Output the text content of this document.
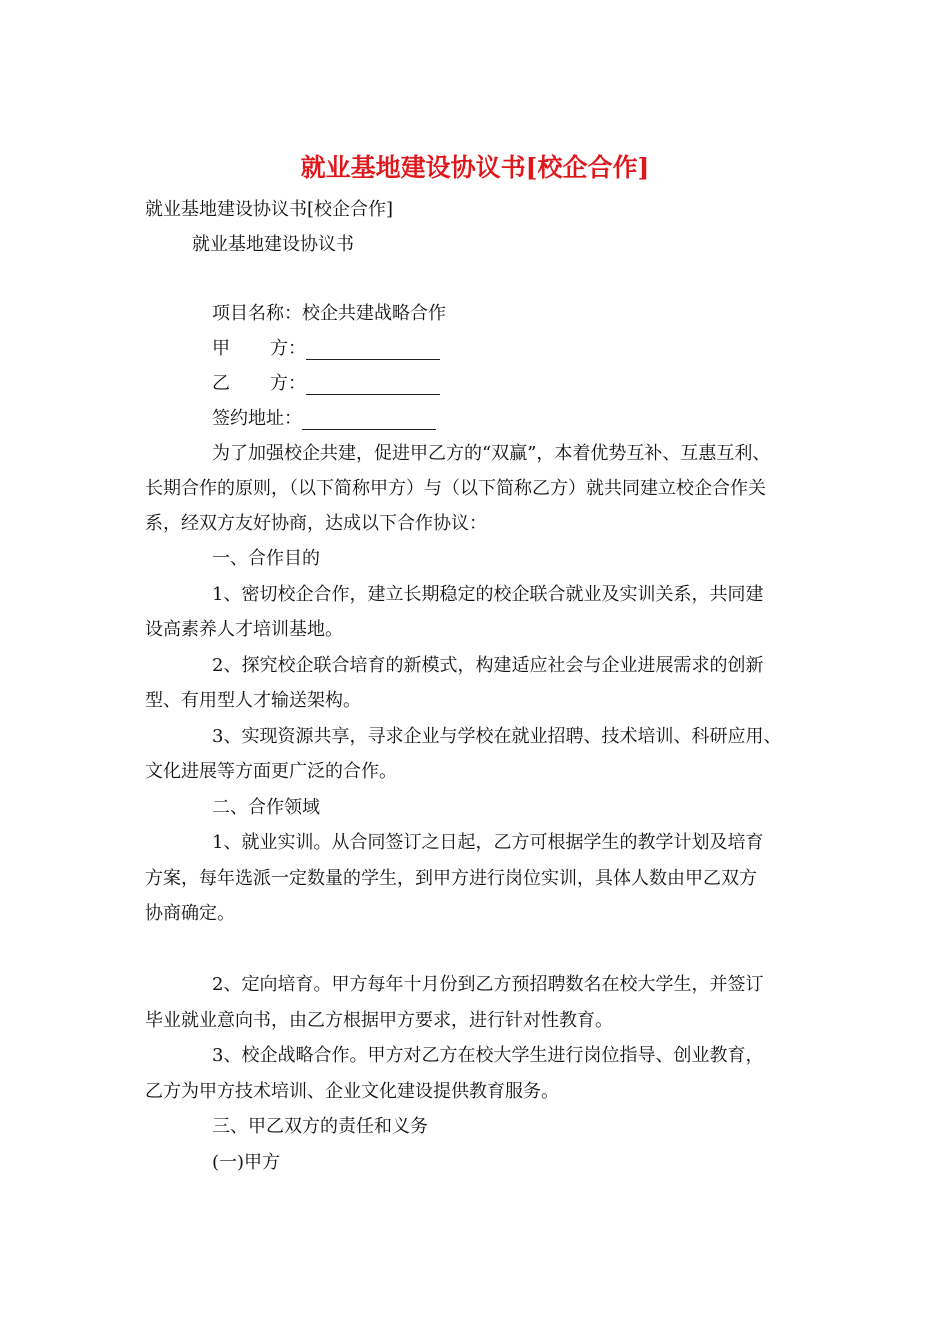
就业基地建设协议书[校企合作]
就业基地建设协议书[校企合作]
就业基地建设协议书
项目名称：校企共建战略合作
甲 方：
乙 方：
签约地址：
为了加强校企共建，促进甲乙方的“双赢”，本着优势互补、互惠互利、
长期合作的原则，（以下简称甲方）与（以下简称乙方）就共同建立校企合作关
系，经双方友好协商，达成以下合作协议：
一、合作目的
1、密切校企合作，建立长期稳定的校企联合就业及实训关系，共同建
设高素养人才培训基地。
2、探究校企联合培育的新模式，构建适应社会与企业进展需求的创新
型、有用型人才输送架构。
3、实现资源共享，寻求企业与学校在就业招聘、技术培训、科研应用、
文化进展等方面更广泛的合作。
二、合作领域
1、就业实训。从合同签订之日起，乙方可根据学生的教学计划及培育
方案，每年选派一定数量的学生，到甲方进行岗位实训，具体人数由甲乙双方
协商确定。
2、定向培育。甲方每年十月份到乙方预招聘数名在校大学生，并签订
毕业就业意向书，由乙方根据甲方要求，进行针对性教育。
3、校企战略合作。甲方对乙方在校大学生进行岗位指导、创业教育，
乙方为甲方技术培训、企业文化建设提供教育服务。
三、甲乙双方的责任和义务
(一)甲方
